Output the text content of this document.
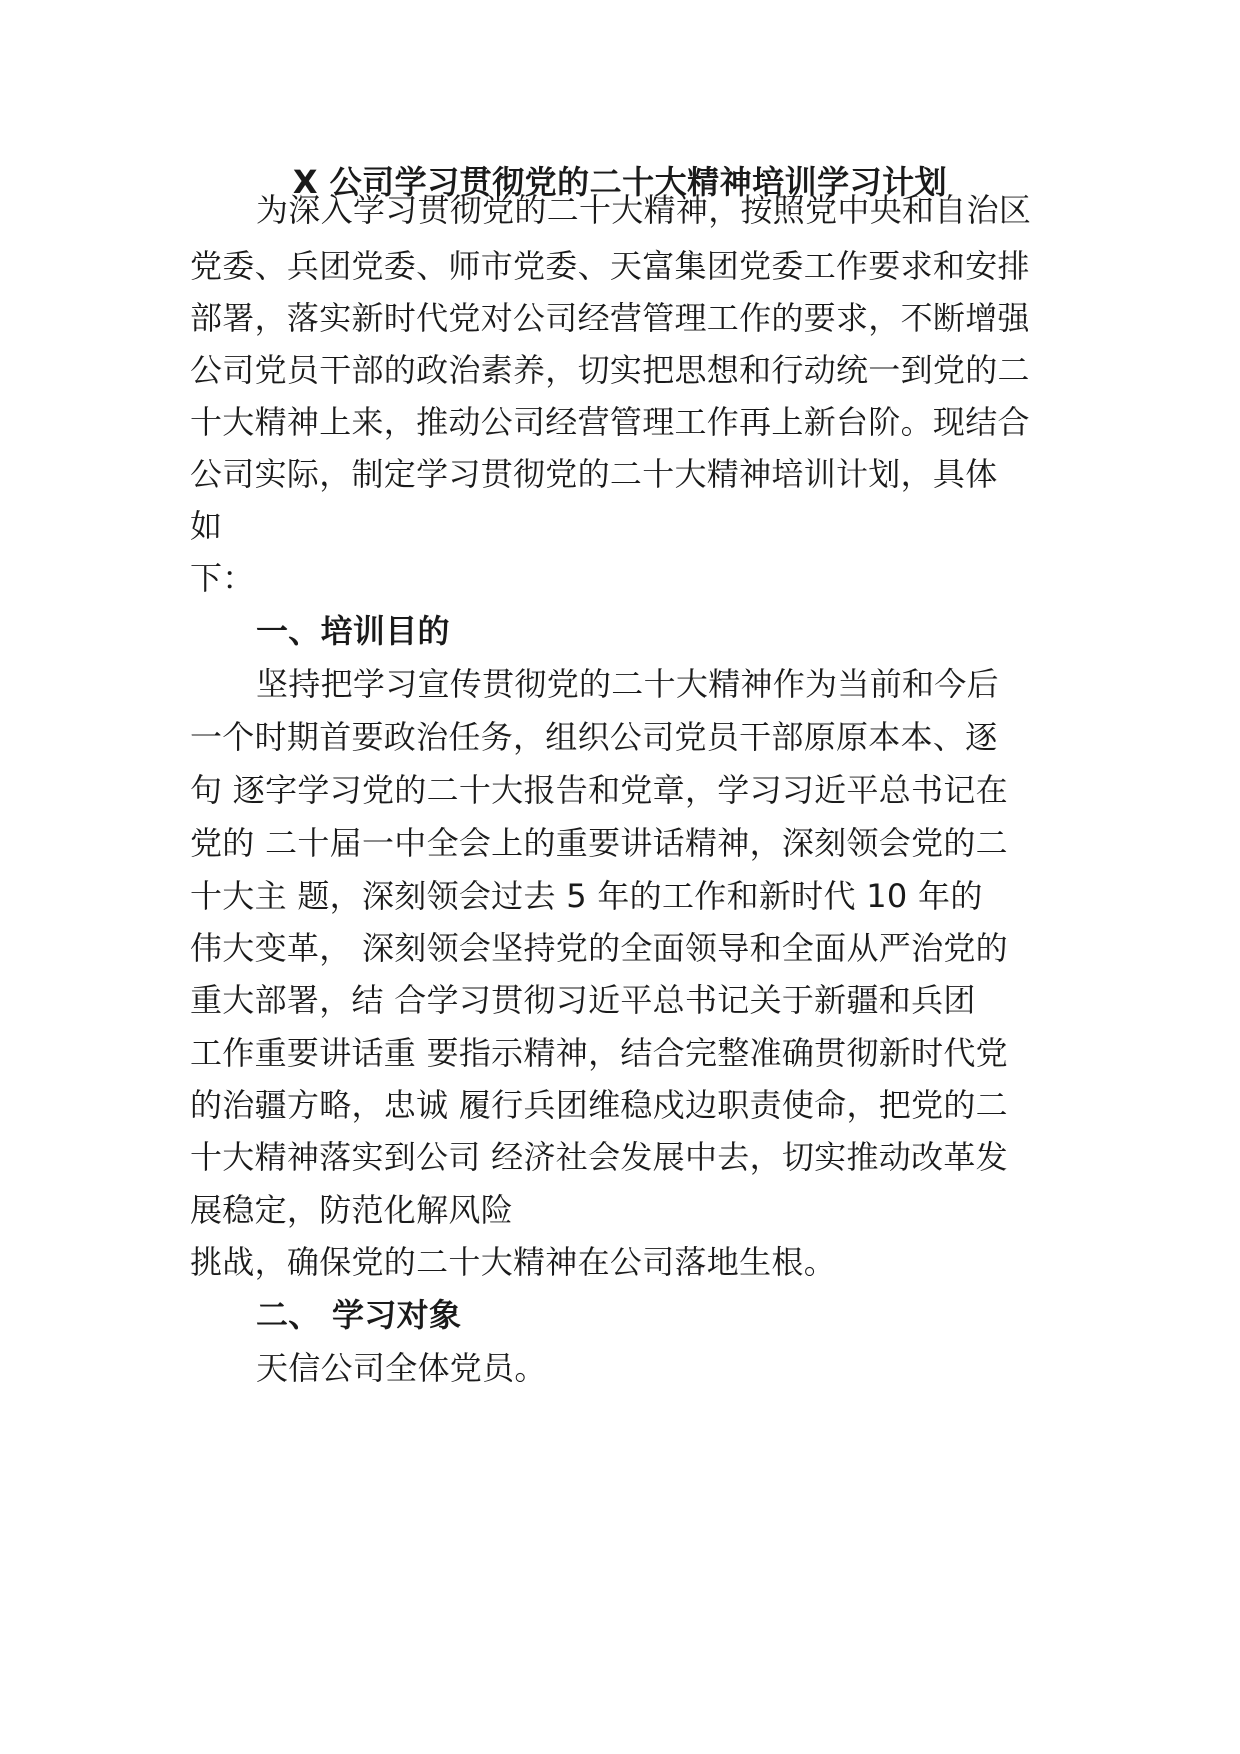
X 公司学习贯彻党的二十大精神培训学习计划
为深入学习贯彻党的二十大精神，按照党中央和自治区
党委、兵团党委、师市党委、天富集团党委工作要求和安排
部署，落实新时代党对公司经营管理工作的要求，不断增强
公司党员干部的政治素养，切实把思想和行动统一到党的二
十大精神上来，推动公司经营管理工作再上新台阶。现结合
公司实际，制定学习贯彻党的二十大精神培训计划，具体
如
下：
一、培训目的
坚持把学习宣传贯彻党的二十大精神作为当前和今后
一个时期首要政治任务，组织公司党员干部原原本本、逐
句 逐字学习党的二十大报告和党章，学习习近平总书记在
党的 二十届一中全会上的重要讲话精神，深刻领会党的二
十大主 题，深刻领会过去 5 年的工作和新时代 10 年的
伟大变革， 深刻领会坚持党的全面领导和全面从严治党的
重大部署，结 合学习贯彻习近平总书记关于新疆和兵团
工作重要讲话重 要指示精神，结合完整准确贯彻新时代党
的治疆方略，忠诚 履行兵团维稳戍边职责使命，把党的二
十大精神落实到公司 经济社会发展中去，切实推动改革发
展稳定，防范化解风险
挑战，确保党的二十大精神在公司落地生根。
二、 学习对象
天信公司全体党员。
